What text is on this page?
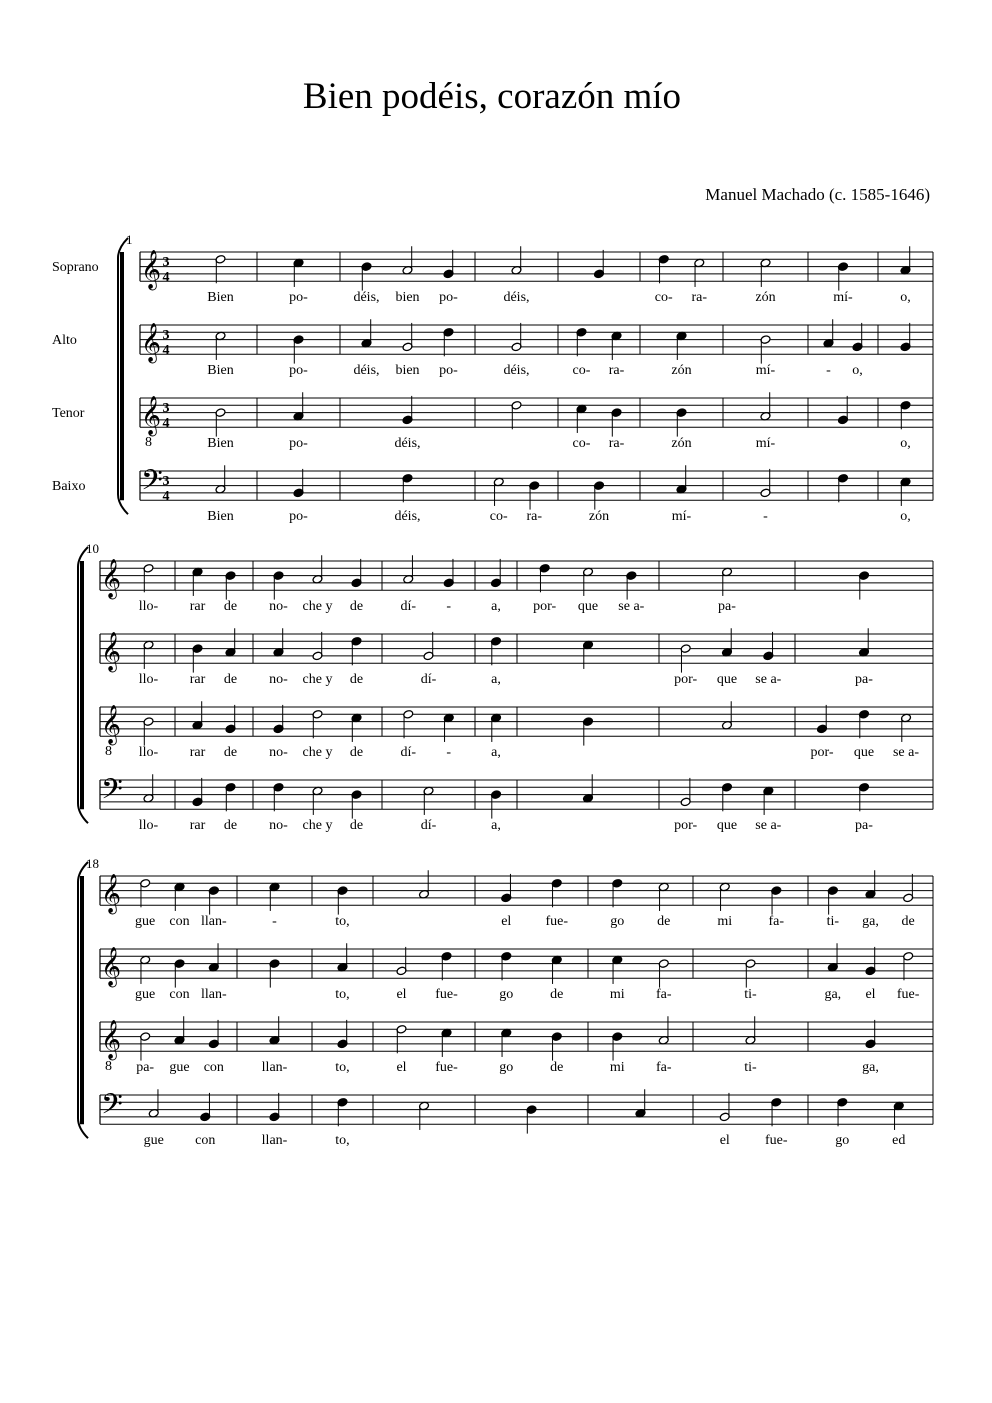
Bien podéis, corazón mío
Manuel Machado (c. 1585-1646)
1
𝄞 3
4
Soprano
Bien	po-	déis, bien po-	déis,	co- ra-	zón	mí-	o,
𝄞 3
4
Alto
Bien	po-	déis, bien po-	déis,	co- ra-	zón	mí-	- o,
𝄞
8
3
4
Tenor
Bien	po-	déis,	co- ra-	zón	mí-	o,
𝄢 3
4
Baixo
Bien	po-	déis,	co- ra-	zón	mí-	-	o,
10
𝄞
llo- rar de no- che y de	dí- -	a, por- que se a-	pa-
𝄞
llo- rar de no- che y de	dí-	a,	por- que se a-	pa-
𝄞
8 llo- rar de no- che y de	dí- -	a,	por- que se a-
𝄢
llo- rar de no- che y de	dí-	a,	por- que se a-	pa-
18
𝄞
gue con llan-	-	to,	el fue-	go de	mi	fa-	ti- ga, de
𝄞
gue con llan-	to,	el fue-	go	de	mi fa-	ti-	ga, el fue-
𝄞
8 pa- gue con	llan-	to,	el fue-	go	de	mi fa-	ti-	ga,
𝄢
gue con	llan-	to,	el	fue-	go	ed
